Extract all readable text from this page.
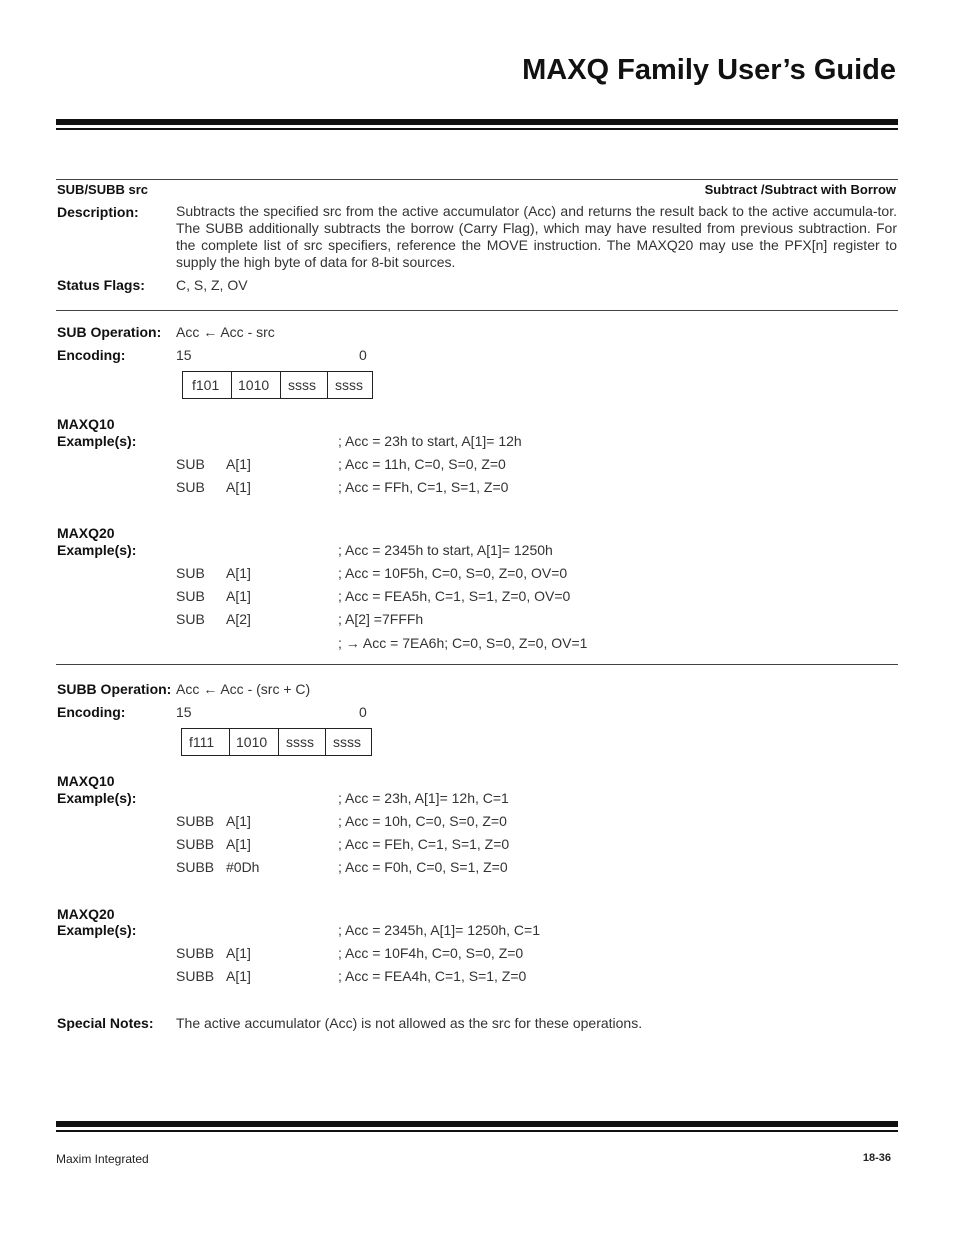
MAXQ Family User’s Guide
SUB/SUBB src	Subtract /Subtract with Borrow
Description:	Subtracts the specified src from the active accumulator (Acc) and returns the result back to the active accumula-tor. The SUBB additionally subtracts the borrow (Carry Flag), which may have resulted from previous subtraction. For the complete list of src specifiers, reference the MOVE instruction. The MAXQ20 may use the PFX[n] register to supply the high byte of data for 8-bit sources.
Status Flags: C, S, Z, OV
SUB Operation: Acc ← Acc - src
Encoding:	15	0
f101	1010	ssss	ssss
MAXQ10
Example(s):	; Acc = 23h to start, A[1]= 12h
SUB A[1]	; Acc = 11h, C=0, S=0, Z=0
SUB A[1]	; Acc = FFh, C=1, S=1, Z=0
MAXQ20
Example(s):	; Acc = 2345h to start, A[1]= 1250h
SUB A[1]	; Acc = 10F5h, C=0, S=0, Z=0, OV=0
SUB A[1]	; Acc = FEA5h, C=1, S=1, Z=0, OV=0
SUB A[2]	; A[2] =7FFFh
; → Acc = 7EA6h; C=0, S=0, Z=0, OV=1
SUBB Operation: Acc ← Acc - (src + C)
Encoding:	15	0
f111	1010	ssss	ssss
MAXQ10
Example(s):	; Acc = 23h, A[1]= 12h, C=1
SUBB A[1]	; Acc = 10h, C=0, S=0, Z=0
SUBB A[1]	; Acc = FEh, C=1, S=1, Z=0
SUBB #0Dh	; Acc = F0h, C=0, S=1, Z=0
MAXQ20
Example(s):	; Acc = 2345h, A[1]= 1250h, C=1
SUBB A[1]	; Acc = 10F4h, C=0, S=0, Z=0
SUBB A[1]	; Acc = FEA4h, C=1, S=1, Z=0
Special Notes: The active accumulator (Acc) is not allowed as the src for these operations.
Maxim Integrated	18-36
